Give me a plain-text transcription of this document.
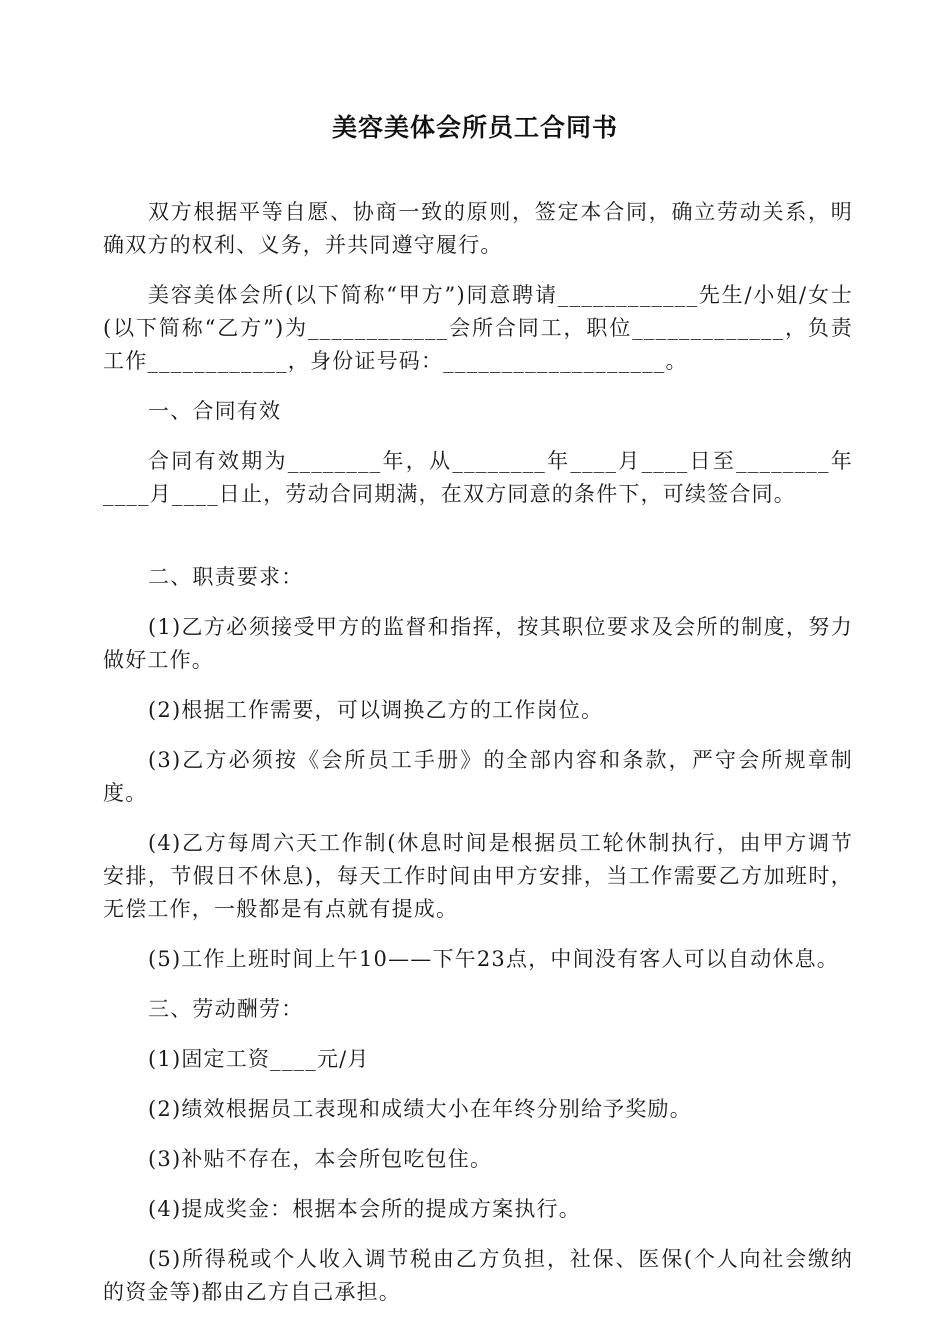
美容美体会所员工合同书

双方根据平等自愿、协商一致的原则，签定本合同，确立劳动关系，明确双方的权利、义务，并共同遵守履行。

美容美体会所(以下简称“甲方”)同意聘请____________先生/小姐/女士(以下简称“乙方”)为____________会所合同工，职位_____________，负责工作____________，身份证号码：___________________。

一、合同有效

合同有效期为________年，从________年____月____日至________年____月____日止，劳动合同期满，在双方同意的条件下，可续签合同。

二、职责要求：

(1)乙方必须接受甲方的监督和指挥，按其职位要求及会所的制度，努力做好工作。

(2)根据工作需要，可以调换乙方的工作岗位。

(3)乙方必须按《会所员工手册》的全部内容和条款，严守会所规章制度。

(4)乙方每周六天工作制(休息时间是根据员工轮休制执行，由甲方调节安排，节假日不休息)，每天工作时间由甲方安排，当工作需要乙方加班时，无偿工作，一般都是有点就有提成。

(5)工作上班时间上午10——下午23点，中间没有客人可以自动休息。

三、劳动酬劳：

(1)固定工资____元/月

(2)绩效根据员工表现和成绩大小在年终分别给予奖励。

(3)补贴不存在，本会所包吃包住。

(4)提成奖金：根据本会所的提成方案执行。

(5)所得税或个人收入调节税由乙方负担，社保、医保(个人向社会缴纳的资金等)都由乙方自己承担。
